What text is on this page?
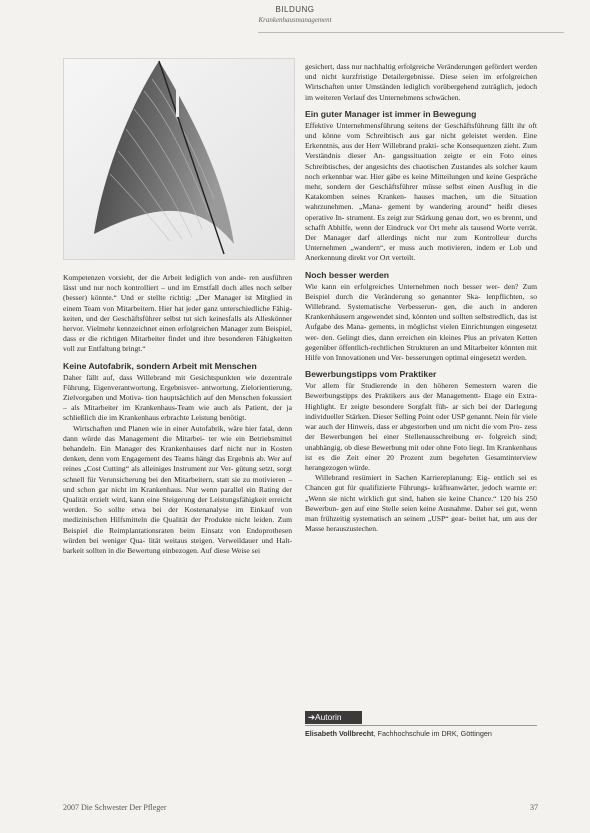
BILDUNG
Krankenhausmanagement

Kompetenzen vorsieht, der die Arbeit lediglich von ande- ren ausführen lässt und nur noch kontrolliert – und im Ernstfall doch alles noch selber (besser) könnte.“ Und er stellte richtig: „Der Manager ist Mitglied in einem Team von Mitarbeitern. Hier hat jeder ganz unterschiedliche Fähig- keiten, und der Geschäftsführer selbst tut sich keinesfalls als Alleskönner hervor. Vielmehr kennzeichnet einen erfolgreichen Manager zum Beispiel, dass er die richtigen Mitarbeiter findet und ihre besonderen Fähigkeiten voll zur Entfaltung bringt.“

Keine Autofabrik, sondern Arbeit mit Menschen

Daher fällt auf, dass Willebrand mit Gesichtspunkten wie dezentrale Führung, Eigenverantwortung, Ergebnisver- antwortung, Zielorientierung, Zielvorgaben und Motiva- tion hauptsächlich auf den Menschen fokussiert – als Mitarbeiter im Krankenhaus-Team wie auch als Patient, der ja schließlich die im Krankenhaus erbrachte Leistung benötigt.

Wirtschaften und Planen wie in einer Autofabrik, wäre hier fatal, denn dann würde das Management die Mitarbei- ter wie ein Betriebsmittel behandeln. Ein Manager des Krankenhauses darf nicht nur in Kosten denken, denn vom Engagement des Teams hängt das Ergebnis ab. Wer auf reines „Cost Cutting“ als alleiniges Instrument zur Ver- gütung setzt, sorgt schnell für Verunsicherung bei den Mitarbeitern, statt sie zu motivieren – und schon gar nicht im Krankenhaus. Nur wenn parallel ein Rating der Qualität erzielt wird, kann eine Steigerung der Leistungsfähigkeit erreicht werden. So sollte etwa bei der Kostenanalyse im Einkauf von medizinischen Hilfsmitteln die Qualität der Produkte nicht leiden. Zum Beispiel die Reimplantationsraten beim Einsatz von Endoprothesen würden bei weniger Qua- lität weitaus steigen. Verweildauer und Halt- barkeit sollten in die Bewertung einbezogen. Auf diese Weise sei

gesichert, dass nur nachhaltig erfolgreiche Veränderungen gefördert werden und nicht kurzfristige Detailergebnisse. Diese seien im erfolgreichen Wirtschaften unter Umständen lediglich vorübergehend zuträglich, jedoch im weiteren Verlauf des Unternehmens schwächen.

Ein guter Manager ist immer in Bewegung

Effektive Unternehmensführung seitens der Geschäftsführung fällt ihr oft und könne vom Schreibtisch aus gar nicht geleistet werden. Eine Erkenntnis, aus der Herr Willebrand prakti- sche Konsequenzen zieht. Zum Verständnis dieser An- gangssituation zeigte er ein Foto eines Schreibtisches, der angesichts des chaotischen Zustandes als solcher kaum noch erkennbar war. Hier gäbe es keine Mitteilungen und keine Gespräche mehr, sondern der Geschäftsführer müsse selbst einen Ausflug in die Katakomben seines Kranken- hauses machen, um die Situation wahrzunehmen. „Mana- gement by wandering around“ heißt dieses operative In- strument. Es zeigt zur Stärkung genau dort, wo es brennt, und schafft Abhilfe, wenn der Eindruck vor Ort mehr als tausend Worte verrät. Der Manager darf allerdings nicht nur zum Kontrolleur durchs Unternehmen „wandern“, er muss auch motivieren, indem er Lob und Anerkennung direkt vor Ort verteilt.

Noch besser werden

Wie kann ein erfolgreiches Unternehmen noch besser wer- den? Zum Beispiel durch die Veränderung so genannter Ska- lenpflichten, so Willebrand. Systematische Verbesserun- gen, die auch in anderen Krankenhäusern angewendet sind, könnten und sollten selbstredlich, das ist Aufgabe des Mana- gements, in möglichst vielen Einrichtungen eingesetzt wer- den. Gelingt dies, dann erreichen ein kleines Plus an privaten Ketten gegenüber öffentlich-rechtlichen Strukturen an und Mitarbeiter könnten mit Hilfe von Innovationen und Ver- besserungen optimal eingesetzt werden.

Bewerbungstipps vom Praktiker

Vor allem für Studierende in den höheren Semestern waren die Bewerbungstipps des Praktikers aus der Managementt- Etage ein Extra-Highlight. Er zeigte besondere Sorgfalt füh- ar sich bei der Darlegung individueller Stärken. Dieser Selling Point oder USP genannt. Nein für viele war auch der Hinweis, dass er abgestorben und um nicht die vom Pro- zess der Bewerbungen bei einer Stellenausschreibung er- folgreich sind; unabhängig, ob diese Bewerbung mit oder ohne Foto liegt. Im Krankenhaus ist es die Zeit einer 20 Prozent zum begehrten Gesamtinterview herangezogen würde.

Willebrand resümiert in Sachen Karriereplanung: Eig- entlich sei es Chancen gut für qualifizierte Führungs- kräfteanwärter, jedoch warnte er: „Wenn sie nicht wirklich gut sind, haben sie keine Chance.“ 120 bis 250 Bewerbun- gen auf eine Stelle seien keine Ausnahme. Daher sei gut, wenn man frühzeitig systematisch an seinem „USP“ gear- beitet hat, um aus der Masse herauszustechen.

➔Autorin
Elisabeth Vollbrecht, Fachhochschule im DRK, Göttingen
2007 Die Schwester Der Pfleger	37
